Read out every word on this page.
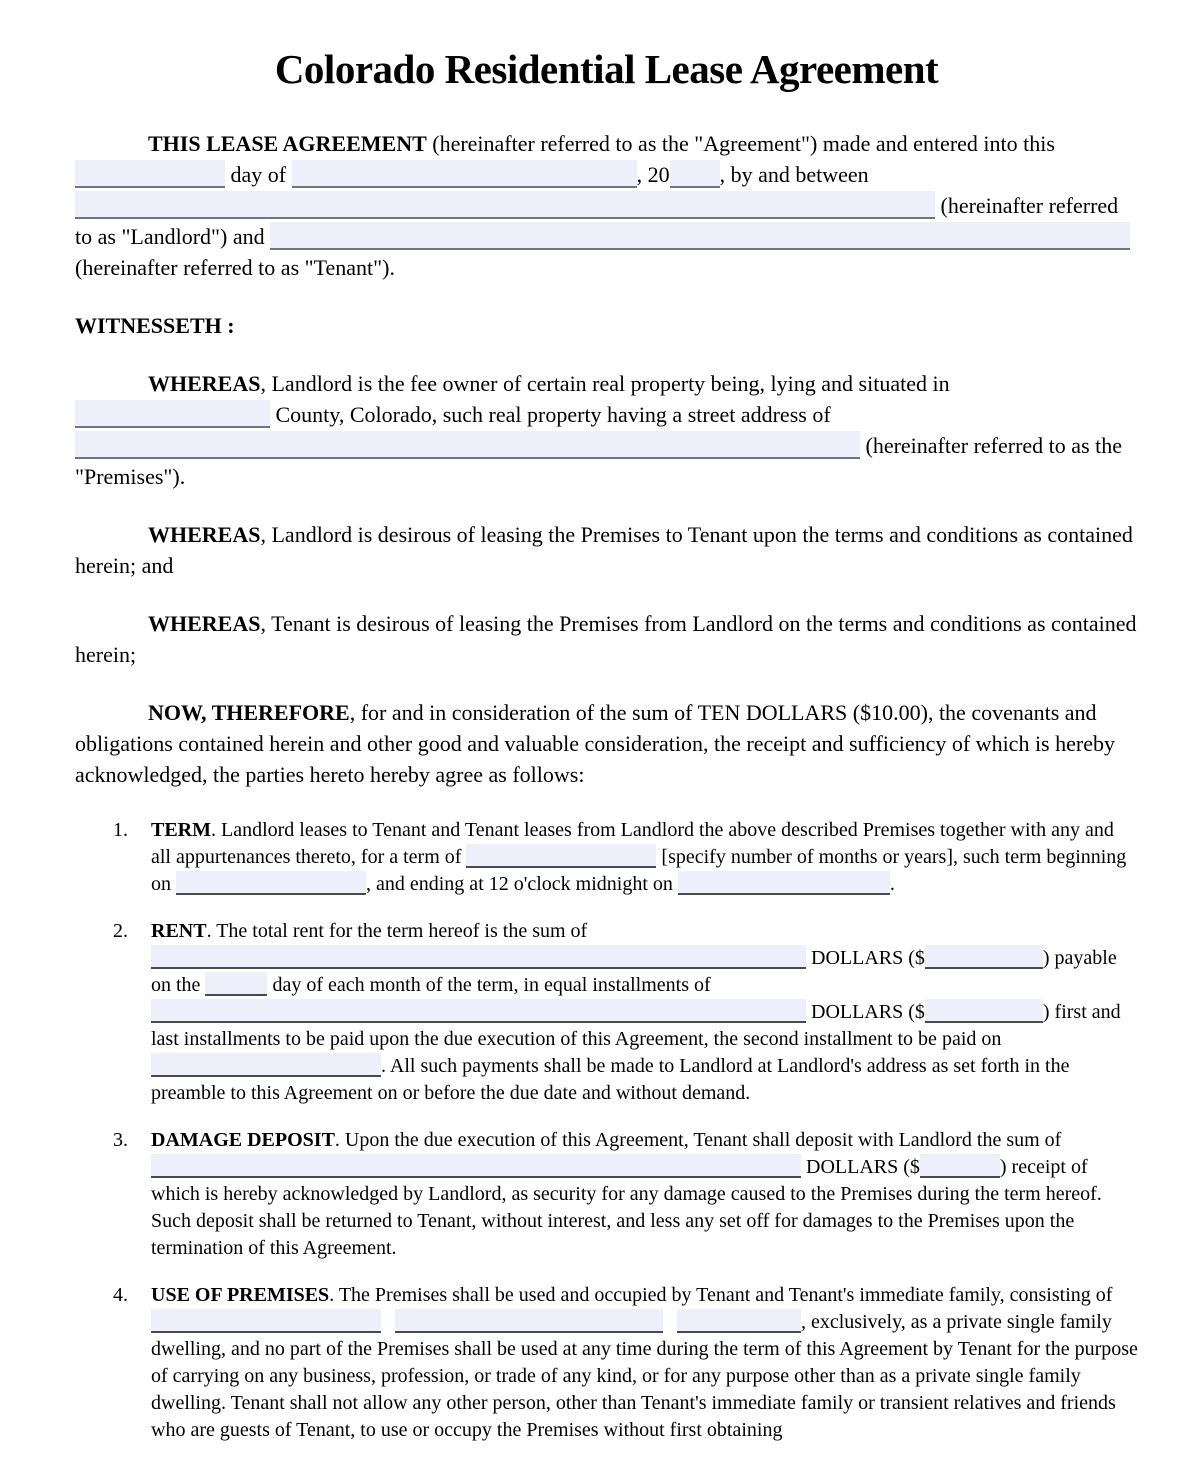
Colorado Residential Lease Agreement

THIS LEASE AGREEMENT (hereinafter referred to as the "Agreement") made and entered into this  day of	, 20 , by and between  (hereinafter referred to as "Landlord") and  (hereinafter referred to as "Tenant").

WITNESSETH :

WHEREAS, Landlord is the fee owner of certain real property being, lying and situated in  County, Colorado, such real property having a street address of  (hereinafter referred to as the "Premises").

WHEREAS, Landlord is desirous of leasing the Premises to Tenant upon the terms and conditions as contained herein; and

WHEREAS, Tenant is desirous of leasing the Premises from Landlord on the terms and conditions as contained herein;

NOW, THEREFORE, for and in consideration of the sum of TEN DOLLARS ($10.00), the covenants and obligations contained herein and other good and valuable consideration, the receipt and sufficiency of which is hereby acknowledged, the parties hereto hereby agree as follows:

1.	TERM. Landlord leases to Tenant and Tenant leases from Landlord the above described Premises together with any and all appurtenances thereto, for a term of	[specify number of months or years], such term beginning on	, and ending at 12 o'clock midnight on	.
2.	RENT. The total rent for the term hereof is the sum of  DOLLARS ($	) payable on the	day of each month of the term, in equal installments of  DOLLARS ($	) first and last installments to be paid upon the due execution of this Agreement, the second installment to be paid on . All such payments shall be made to Landlord at Landlord's address as set forth in the preamble to this Agreement on or before the due date and without demand.
3.	DAMAGE DEPOSIT. Upon the due execution of this Agreement, Tenant shall deposit with Landlord the sum of  DOLLARS ($	) receipt of which is hereby acknowledged by Landlord, as security for any damage caused to the Premises during the term hereof. Such deposit shall be returned to Tenant, without interest, and less any set off for damages to the Premises upon the termination of this Agreement.
4.	USE OF PREMISES. The Premises shall be used and occupied by Tenant and Tenant's immediate family, consisting of , exclusively, as a private single family dwelling, and no part of the Premises shall be used at any time during the term of this Agreement by Tenant for the purpose of carrying on any business, profession, or trade of any kind, or for any purpose other than as a private single family dwelling. Tenant shall not allow any other person, other than Tenant's immediate family or transient relatives and friends who are guests of Tenant, to use or occupy the Premises without first obtaining
